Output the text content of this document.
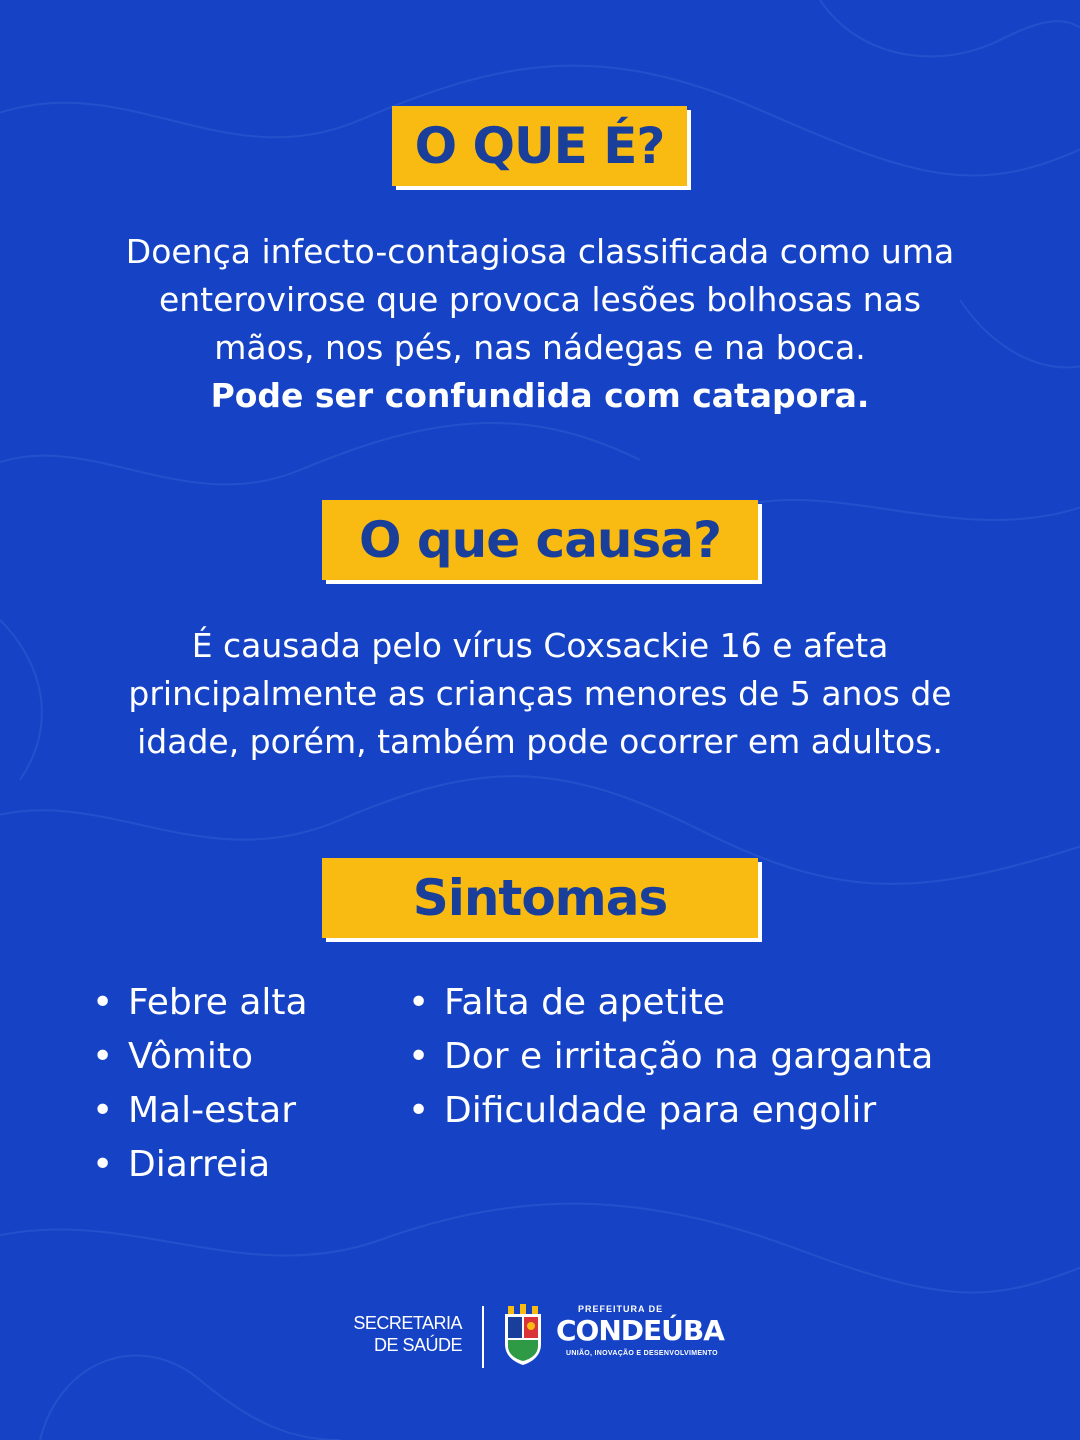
O QUE É?
Doença infecto-contagiosa classificada como uma
enterovirose que provoca lesões bolhosas nas
mãos, nos pés, nas nádegas e na boca.
Pode ser confundida com catapora.
O que causa?
É causada pelo vírus Coxsackie 16 e afeta
principalmente as crianças menores de 5 anos de
idade, porém, também pode ocorrer em adultos.
Sintomas
• Febre alta
• Vômito
• Mal-estar
• Diarreia
• Falta de apetite
• Dor e irritação na garganta
• Dificuldade para engolir
SECRETARIA
DE SAÚDE
PREFEITURA DE
CONDEÚBA
UNIÃO, INOVAÇÃO E DESENVOLVIMENTO
